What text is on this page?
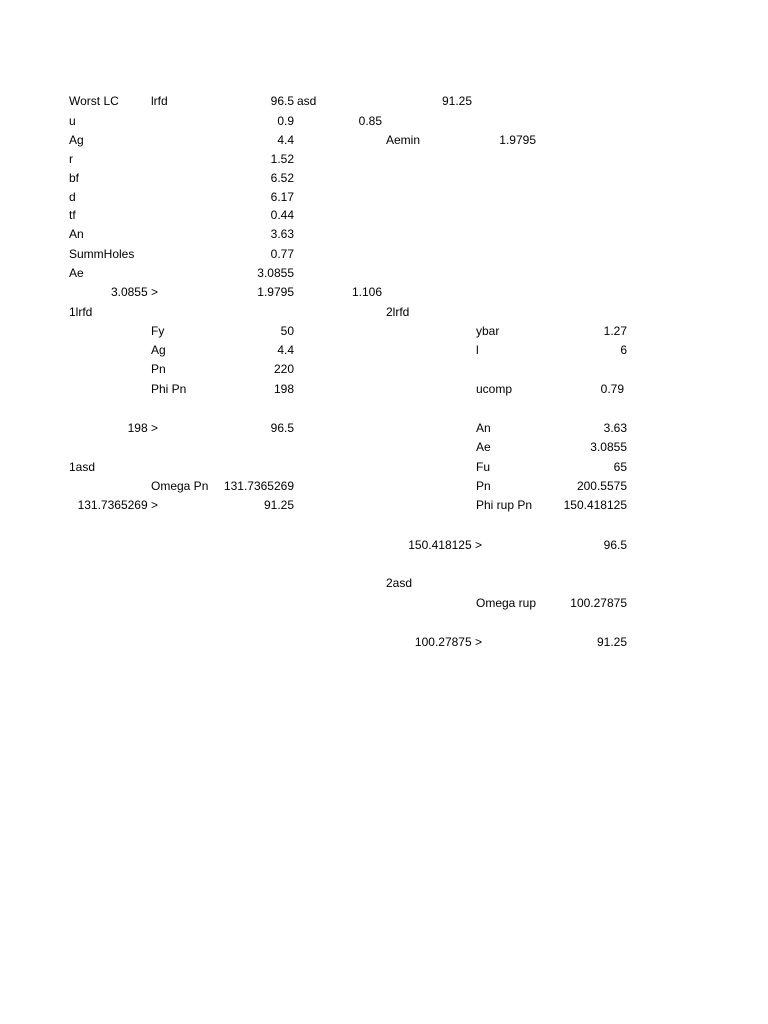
Worst LC	lrfd	96.5 asd	91.25
u	0.9	0.85
Ag	4.4	Aemin	1.9795
r	1.52
bf	6.52
d	6.17
tf	0.44
An	3.63
SummHoles	0.77
Ae	3.0855
3.0855 >	1.9795	1.106
1lrfd	2lrfd
Fy	50	ybar	1.27
Ag	4.4	l	6
Pn	220
Phi Pn	198	ucomp	0.79
198 >	96.5	An	3.63
Ae	3.0855
1asd	Fu	65
Omega Pn	131.7365269	Pn	200.5575
131.7365269 >	91.25	Phi rup Pn	150.418125
150.418125 >	96.5
2asd
Omega rup	100.27875
100.27875 >	91.25
